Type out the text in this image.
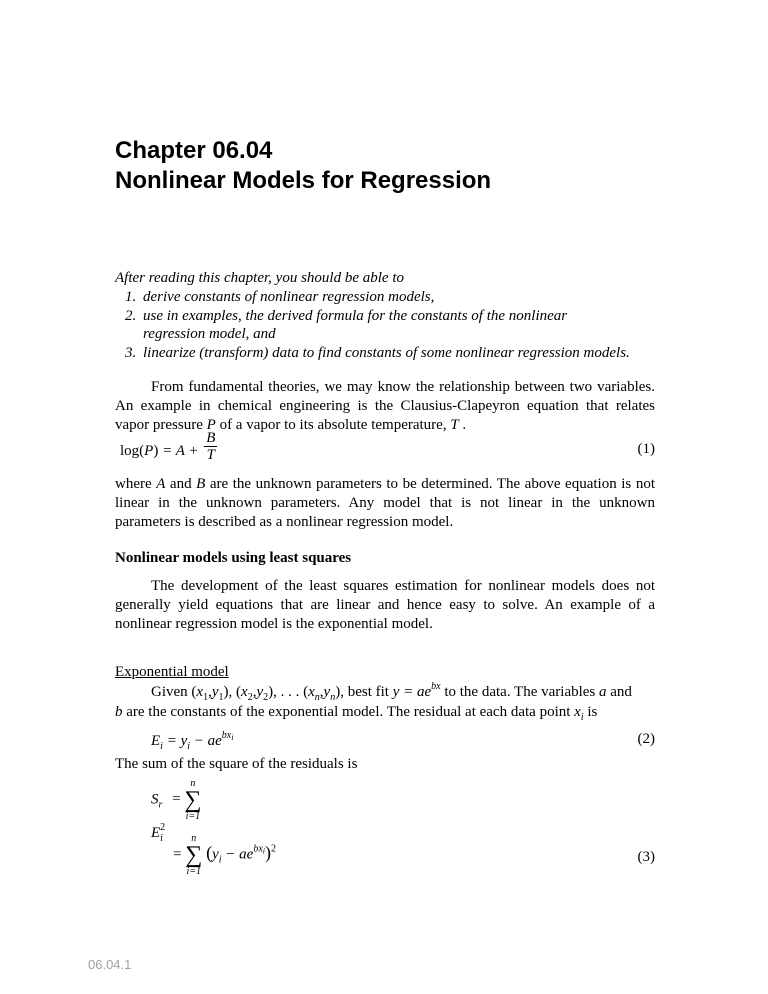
Chapter 06.04
Nonlinear Models for Regression
After reading this chapter, you should be able to
1. derive constants of nonlinear regression models,
2. use in examples, the derived formula for the constants of the nonlinear regression model, and
3. linearize (transform) data to find constants of some nonlinear regression models.
From fundamental theories, we may know the relationship between two variables. An example in chemical engineering is the Clausius-Clapeyron equation that relates vapor pressure P of a vapor to its absolute temperature, T .
$\log(P) = A + \frac{B}{T}$	(1)
where A and B are the unknown parameters to be determined. The above equation is not linear in the unknown parameters. Any model that is not linear in the unknown parameters is described as a nonlinear regression model.
Nonlinear models using least squares
The development of the least squares estimation for nonlinear models does not generally yield equations that are linear and hence easy to solve. An example of a nonlinear regression model is the exponential model.
Exponential model
Given $(x_1,y_1)$, $(x_2,y_2)$, . . . $(x_n,y_n)$, best fit $y = ae^{bx}$ to the data. The variables a and
b are the constants of the exponential model. The residual at each data point $x_i$ is
$E_i = y_i - ae^{bxi}$	(2)
The sum of the square of the residuals is
$S_r$ =
n
∑
i=1
$E^2_i$
=
n
∑
i=1
$(y_i - ae^{bxi})^2$
(3)
06.04.1
